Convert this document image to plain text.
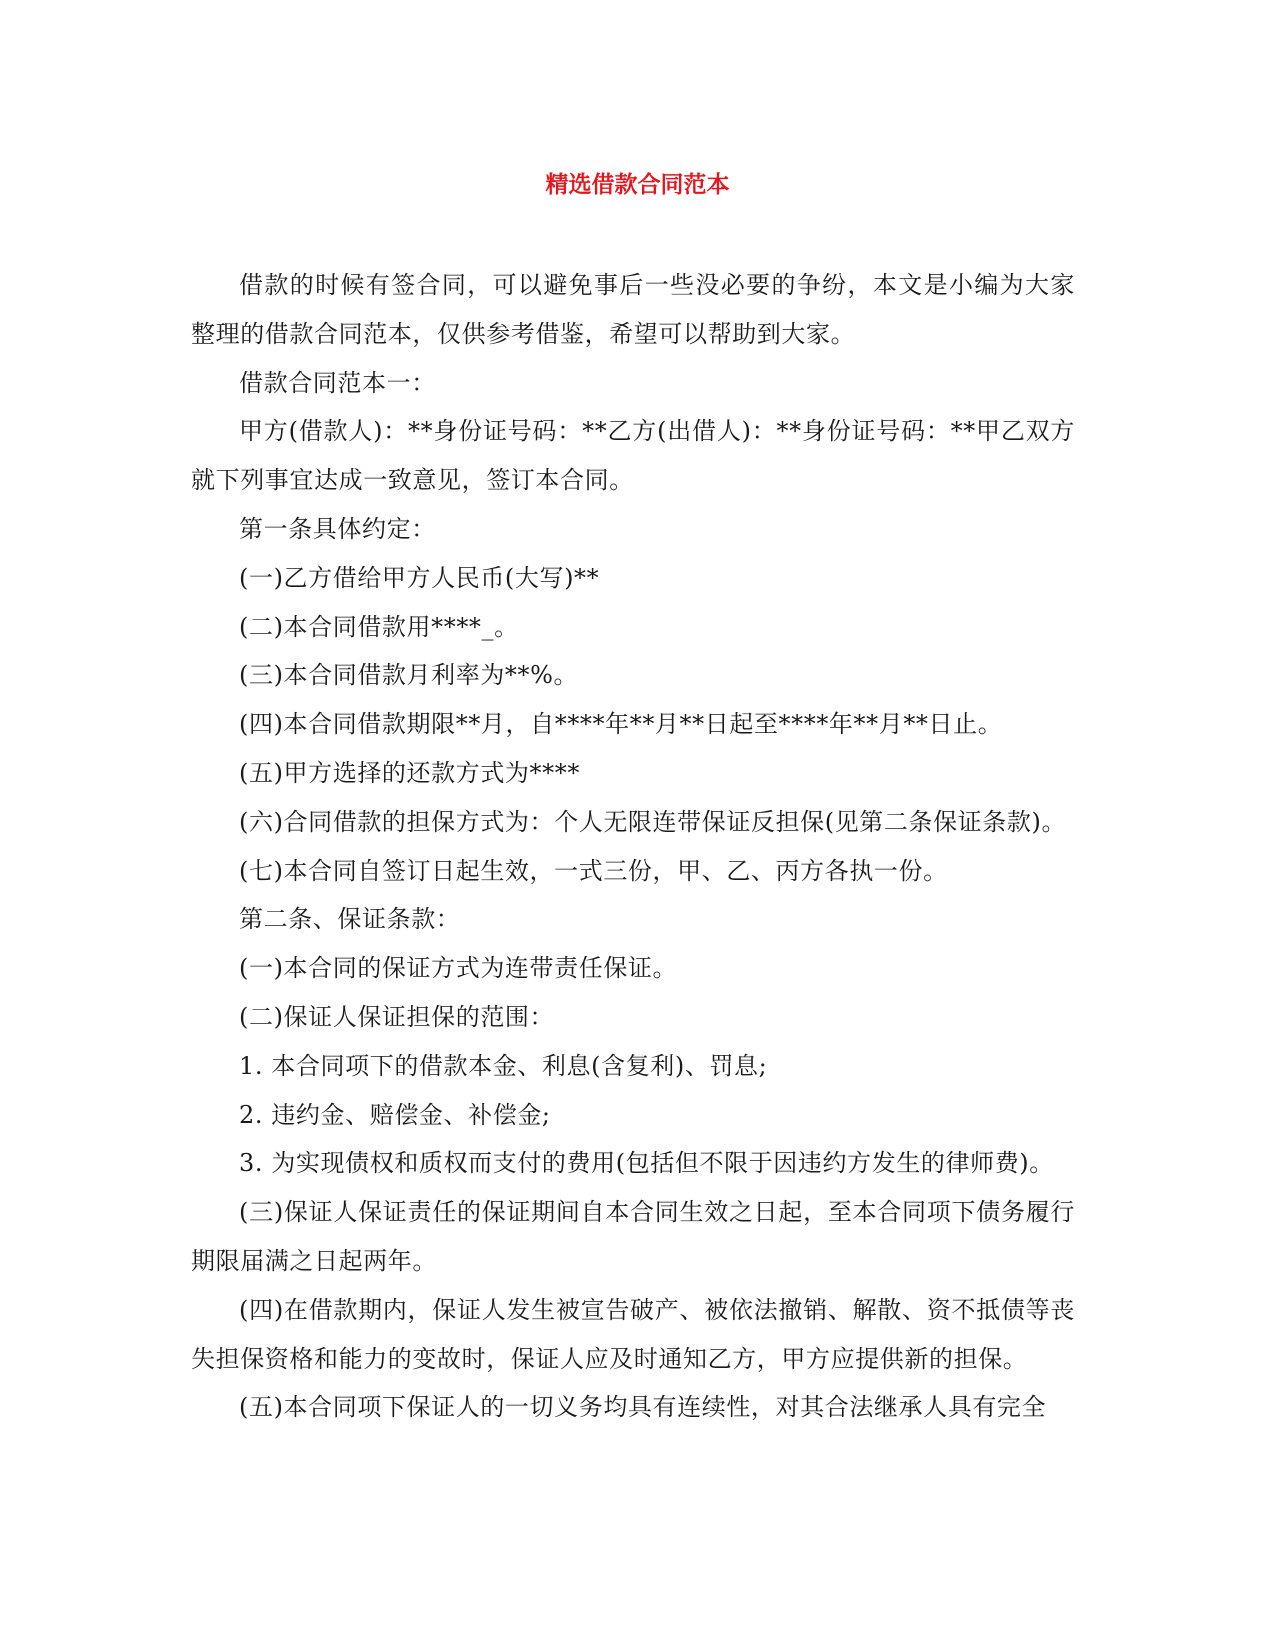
精选借款合同范本

借款的时候有签合同，可以避免事后一些没必要的争纷，本文是小编为大家整理的借款合同范本，仅供参考借鉴，希望可以帮助到大家。

借款合同范本一：

甲方(借款人)：**身份证号码：**乙方(出借人)：**身份证号码：**甲乙双方就下列事宜达成一致意见，签订本合同。

第一条具体约定：

(一)乙方借给甲方人民币(大写)**

(二)本合同借款用****_。

(三)本合同借款月利率为**%。

(四)本合同借款期限**月，自****年**月**日起至****年**月**日止。

(五)甲方选择的还款方式为****

(六)合同借款的担保方式为：个人无限连带保证反担保(见第二条保证条款)。

(七)本合同自签订日起生效，一式三份，甲、乙、丙方各执一份。

第二条、保证条款：

(一)本合同的保证方式为连带责任保证。

(二)保证人保证担保的范围：

1. 本合同项下的借款本金、利息(含复利)、罚息;

2. 违约金、赔偿金、补偿金;

3. 为实现债权和质权而支付的费用(包括但不限于因违约方发生的律师费)。

(三)保证人保证责任的保证期间自本合同生效之日起，至本合同项下债务履行期限届满之日起两年。

(四)在借款期内，保证人发生被宣告破产、被依法撤销、解散、资不抵债等丧失担保资格和能力的变故时，保证人应及时通知乙方，甲方应提供新的担保。

(五)本合同项下保证人的一切义务均具有连续性，对其合法继承人具有完全
